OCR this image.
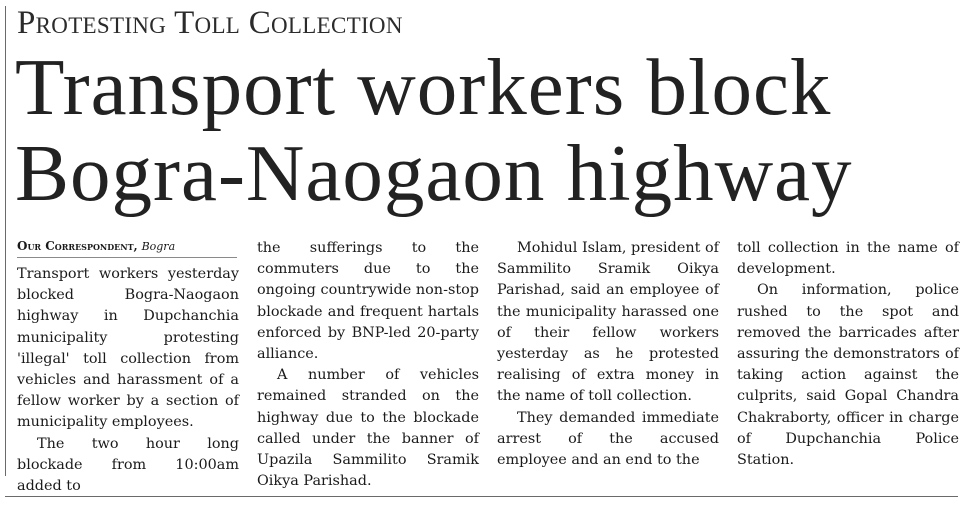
Protesting Toll Collection
Transport workers block
Bogra-Naogaon highway
Our Correspondent, Bogra

Transport workers yesterday blocked Bogra-Naogaon highway in Dupchanchia municipality protesting 'illegal' toll collection from vehicles and harassment of a fellow worker by a section of municipality employees.

The two hour long blockade from 10:00am added to

the sufferings to the commuters due to the ongoing countrywide non-stop blockade and frequent hartals enforced by BNP-led 20-party alliance.

A number of vehicles remained stranded on the highway due to the blockade called under the banner of Upazila Sammilito Sramik Oikya Parishad.

Mohidul Islam, president of Sammilito Sramik Oikya Parishad, said an employee of the municipality harassed one of their fellow workers yesterday as he protested realising of extra money in the name of toll collection.

They demanded immediate arrest of the accused employee and an end to the

toll collection in the name of development.

On information, police rushed to the spot and removed the barricades after assuring the demonstrators of taking action against the culprits, said Gopal Chandra Chakraborty, officer in charge of Dupchanchia Police Station.
